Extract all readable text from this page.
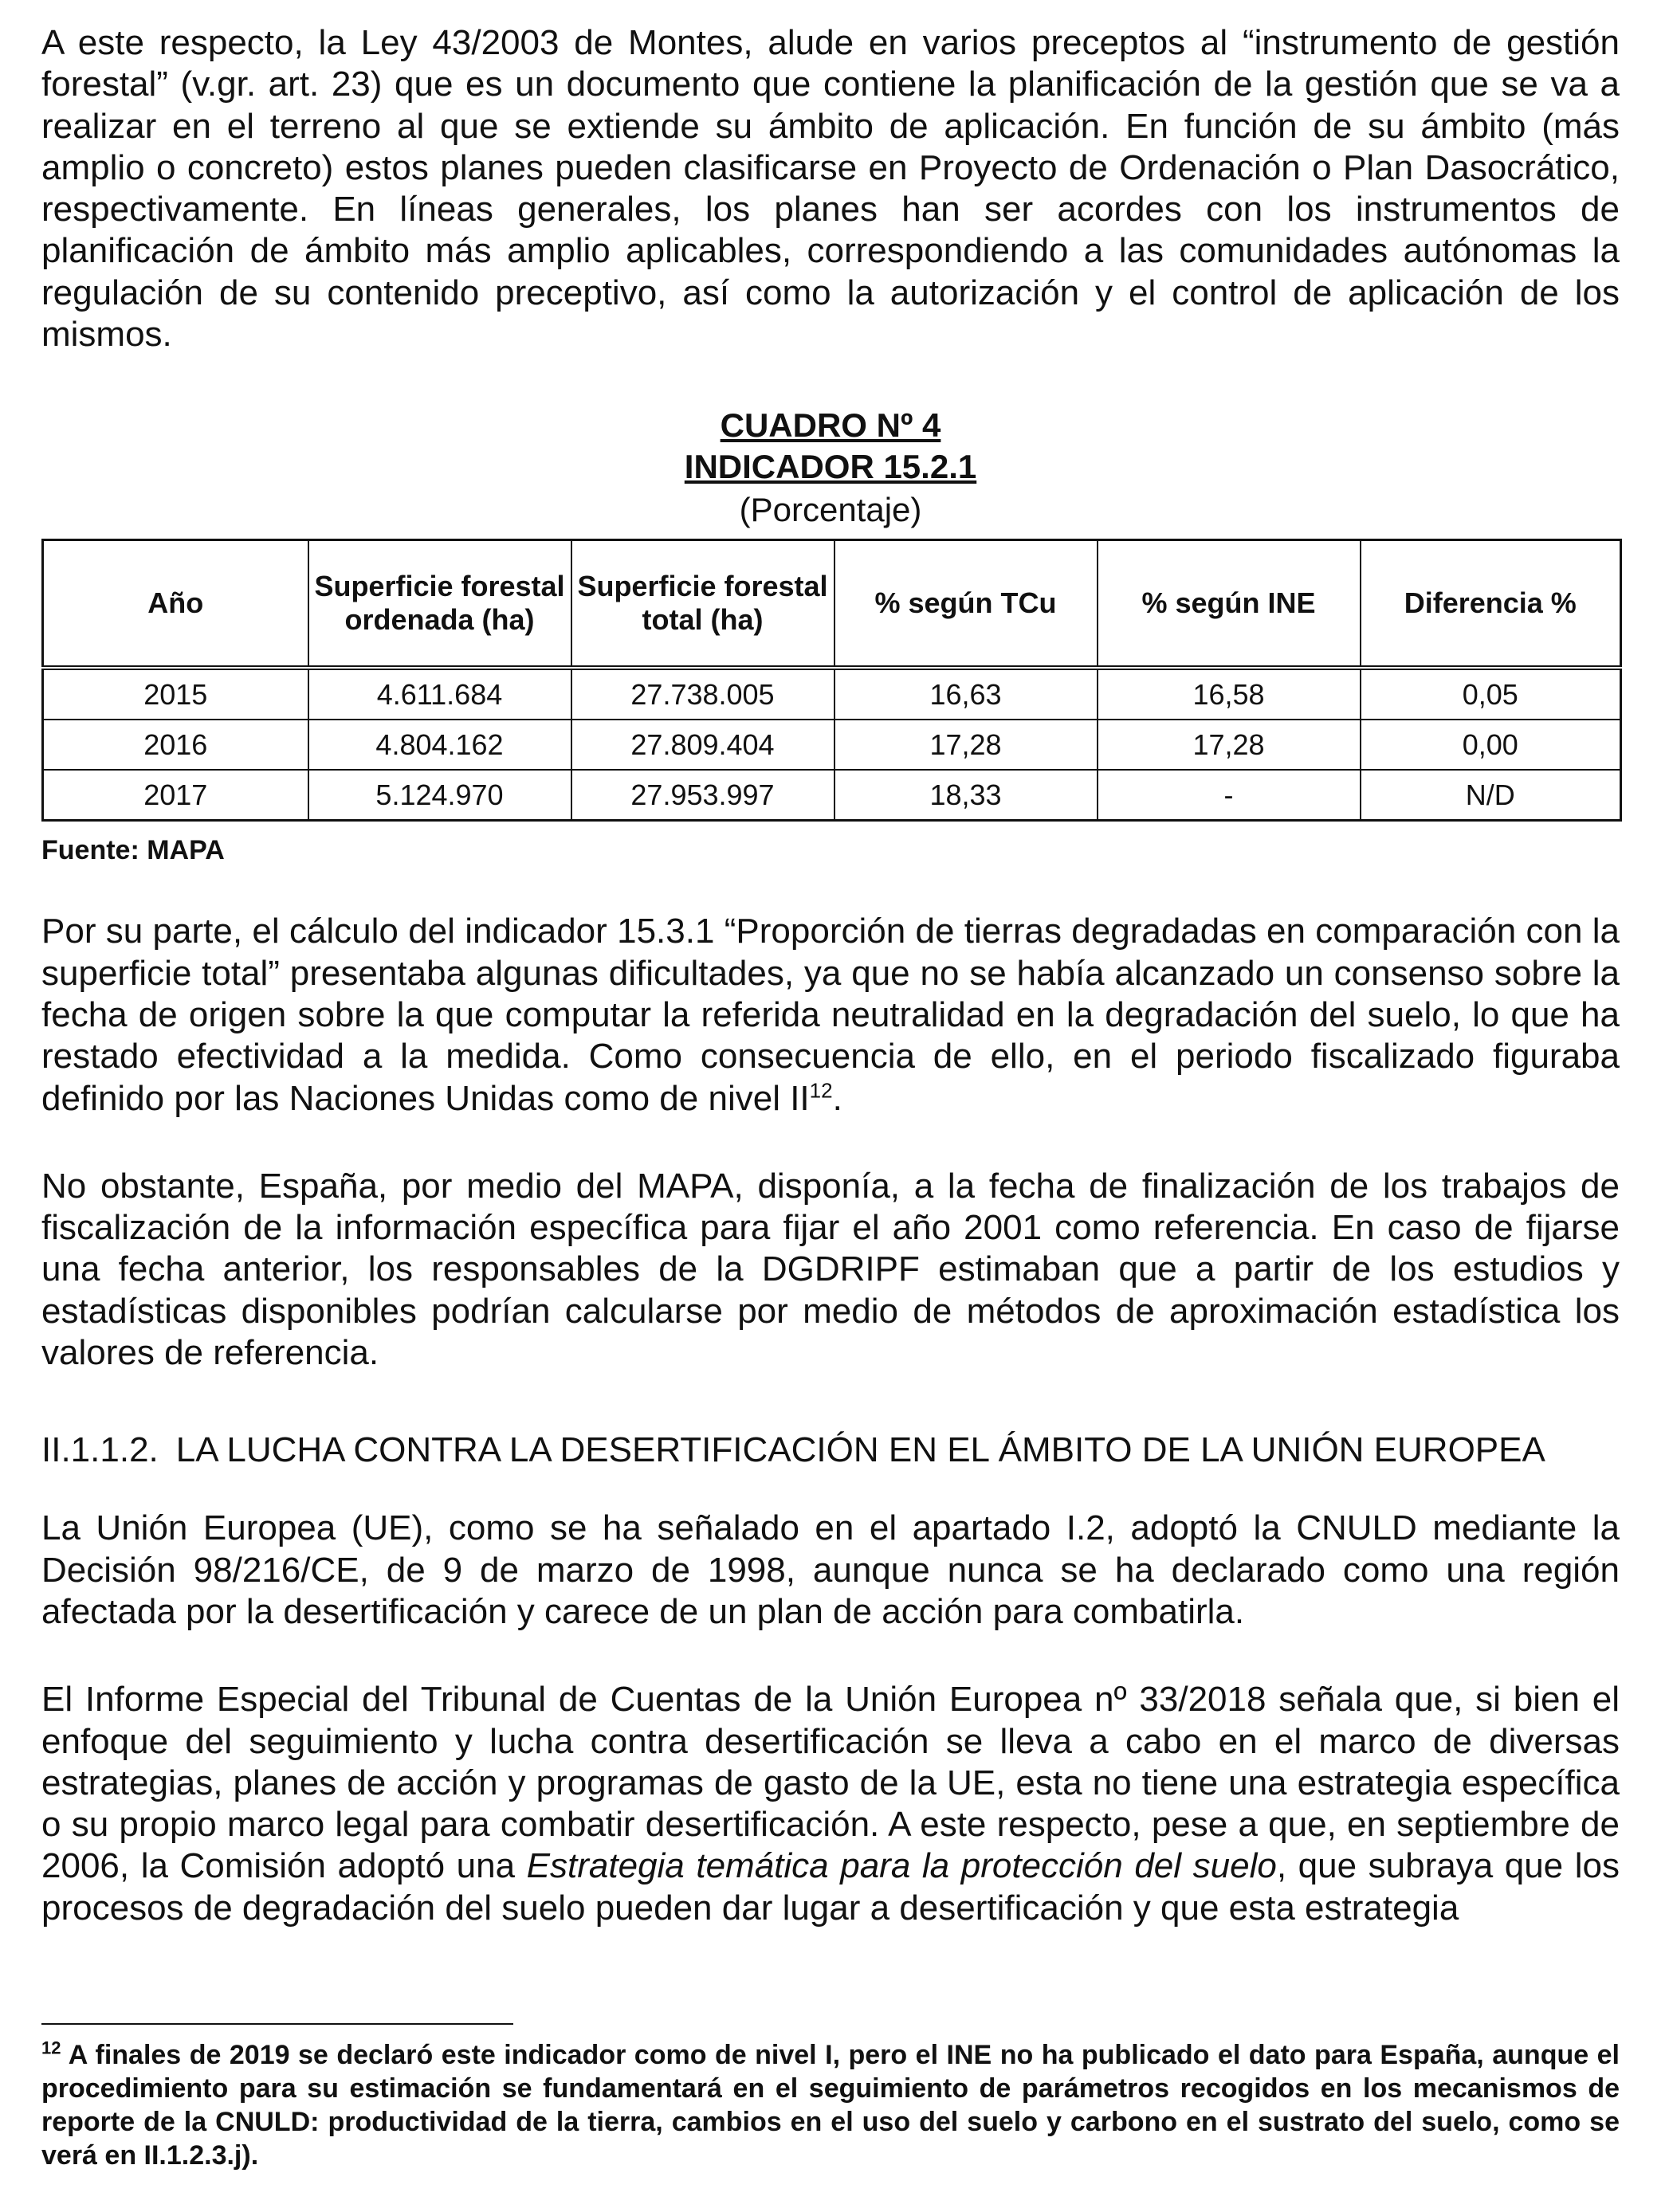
A este respecto, la Ley 43/2003 de Montes, alude en varios preceptos al “instrumento de gestión forestal” (v.gr. art. 23) que es un documento que contiene la planificación de la gestión que se va a realizar en el terreno al que se extiende su ámbito de aplicación. En función de su ámbito (más amplio o concreto) estos planes pueden clasificarse en Proyecto de Ordenación o Plan Dasocrático, respectivamente. En líneas generales, los planes han ser acordes con los instrumentos de planificación de ámbito más amplio aplicables, correspondiendo a las comunidades autónomas la regulación de su contenido preceptivo, así como la autorización y el control de aplicación de los mismos.

CUADRO Nº 4
INDICADOR 15.2.1
(Porcentaje)
Año	Superficie forestal ordenada (ha)	Superficie forestal total (ha)	% según TCu	% según INE	Diferencia %
2015	4.611.684	27.738.005	16,63	16,58	0,05
2016	4.804.162	27.809.404	17,28	17,28	0,00
2017	5.124.970	27.953.997	18,33	-	N/D
Fuente: MAPA

Por su parte, el cálculo del indicador 15.3.1 “Proporción de tierras degradadas en comparación con la superficie total” presentaba algunas dificultades, ya que no se había alcanzado un consenso sobre la fecha de origen sobre la que computar la referida neutralidad en la degradación del suelo, lo que ha restado efectividad a la medida. Como consecuencia de ello, en el periodo fiscalizado figuraba definido por las Naciones Unidas como de nivel II$^{12}$.

No obstante, España, por medio del MAPA, disponía, a la fecha de finalización de los trabajos de fiscalización de la información específica para fijar el año 2001 como referencia. En caso de fijarse una fecha anterior, los responsables de la DGDRIPF estimaban que a partir de los estudios y estadísticas disponibles podrían calcularse por medio de métodos de aproximación estadística los valores de referencia.

II.1.1.2. LA LUCHA CONTRA LA DESERTIFICACIÓN EN EL ÁMBITO DE LA UNIÓN EUROPEA

La Unión Europea (UE), como se ha señalado en el apartado I.2, adoptó la CNULD mediante la Decisión 98/216/CE, de 9 de marzo de 1998, aunque nunca se ha declarado como una región afectada por la desertificación y carece de un plan de acción para combatirla.

El Informe Especial del Tribunal de Cuentas de la Unión Europea nº 33/2018 señala que, si bien el enfoque del seguimiento y lucha contra desertificación se lleva a cabo en el marco de diversas estrategias, planes de acción y programas de gasto de la UE, esta no tiene una estrategia específica o su propio marco legal para combatir desertificación. A este respecto, pese a que, en septiembre de 2006, la Comisión adoptó una Estrategia temática para la protección del suelo, que subraya que los procesos de degradación del suelo pueden dar lugar a desertificación y que esta estrategia

$^{12}$ A finales de 2019 se declaró este indicador como de nivel I, pero el INE no ha publicado el dato para España, aunque el procedimiento para su estimación se fundamentará en el seguimiento de parámetros recogidos en los mecanismos de reporte de la CNULD: productividad de la tierra, cambios en el uso del suelo y carbono en el sustrato del suelo, como se verá en II.1.2.3.j).
